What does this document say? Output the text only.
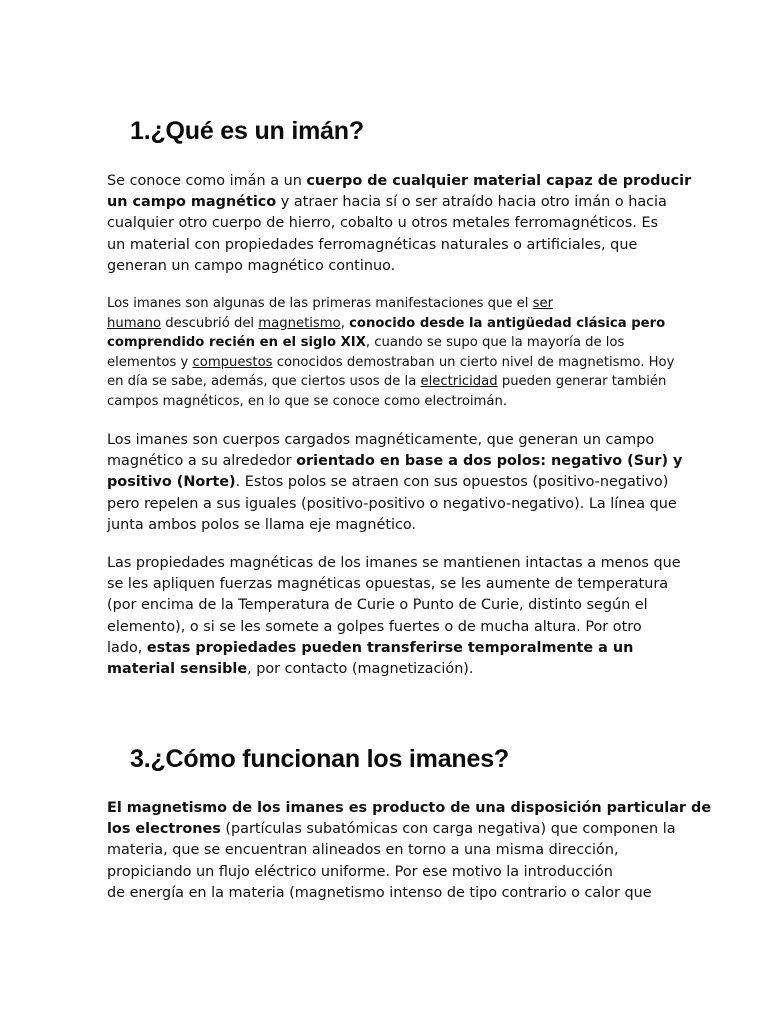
1.¿Qué es un imán?
Se conoce como imán a un cuerpo de cualquier material capaz de producir
un campo magnético y atraer hacia sí o ser atraído hacia otro imán o hacia
cualquier otro cuerpo de hierro, cobalto u otros metales ferromagnéticos. Es
un material con propiedades ferromagnéticas naturales o artificiales, que
generan un campo magnético continuo.
Los imanes son algunas de las primeras manifestaciones que el ser
humano descubrió del magnetismo, conocido desde la antigüedad clásica pero
comprendido recién en el siglo XIX, cuando se supo que la mayoría de los
elementos y compuestos conocidos demostraban un cierto nivel de magnetismo. Hoy
en día se sabe, además, que ciertos usos de la electricidad pueden generar también
campos magnéticos, en lo que se conoce como electroimán.
Los imanes son cuerpos cargados magnéticamente, que generan un campo
magnético a su alrededor orientado en base a dos polos: negativo (Sur) y
positivo (Norte). Estos polos se atraen con sus opuestos (positivo-negativo)
pero repelen a sus iguales (positivo-positivo o negativo-negativo). La línea que
junta ambos polos se llama eje magnético.
Las propiedades magnéticas de los imanes se mantienen intactas a menos que
se les apliquen fuerzas magnéticas opuestas, se les aumente de temperatura
(por encima de la Temperatura de Curie o Punto de Curie, distinto según el
elemento), o si se les somete a golpes fuertes o de mucha altura. Por otro
lado, estas propiedades pueden transferirse temporalmente a un
material sensible, por contacto (magnetización).
3.¿Cómo funcionan los imanes?
El magnetismo de los imanes es producto de una disposición particular de
los electrones (partículas subatómicas con carga negativa) que componen la
materia, que se encuentran alineados en torno a una misma dirección,
propiciando un flujo eléctrico uniforme. Por ese motivo la introducción
de energía en la materia (magnetismo intenso de tipo contrario o calor que
